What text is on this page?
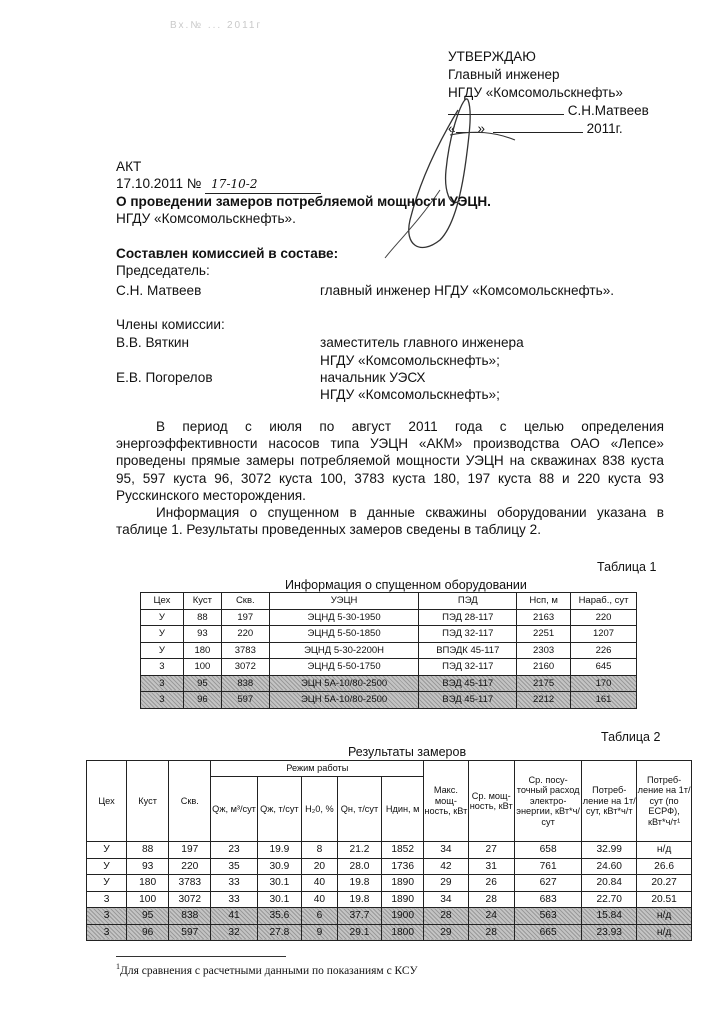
Вх.№ ... 2011г
УТВЕРЖДАЮ
Главный инженер
НГДУ «Комсомольскнефть»
С.Н.Матвеев
« »	2011г.
АКТ
17.10.2011 № 17-10-2
О проведении замеров потребляемой мощности УЭЦН.
НГДУ «Комсомольскнефть».
Составлен комиссией в составе:
Председатель:
С.Н. Матвеев	главный инженер НГДУ «Комсомольскнефть».
Члены комиссии:
В.В. Вяткин	заместитель главного инженера
НГДУ «Комсомольскнефть»;
Е.В. Погорелов	начальник УЭСХ
НГДУ «Комсомольскнефть»;

В период с июля по август 2011 года с целью определения энергоэффективности насосов типа УЭЦН «АКМ» производства ОАО «Лепсе» проведены прямые замеры потребляемой мощности УЭЦН на скважинах 838 куста 95, 597 куста 96, 3072 куста 100, 3783 куста 180, 197 куста 88 и 220 куста 93 Русскинского месторождения.

Информация о спущенном в данные скважины оборудовании указана в таблице 1. Результаты проведенных замеров сведены в таблицу 2.

Таблица 1
Информация о спущенном оборудовании
Цех	Куст	Скв.	УЭЦН	ПЭД	Hсп, м	Нараб., сут
У	88	197	ЭЦНД 5-30-1950	ПЭД 28-117	2163	220
У	93	220	ЭЦНД 5-50-1850	ПЭД 32-117	2251	1207
У	180	3783	ЭЦНД 5-30-2200Н	ВПЭДК 45-117	2303	226
3	100	3072	ЭЦНД 5-50-1750	ПЭД 32-117	2160	645
3	95	838	ЭЦН 5А-10/80-2500	ВЭД 45-117	2175	170
3	96	597	ЭЦН 5А-10/80-2500	ВЭД 45-117	2212	161
Таблица 2
Результаты замеров
Цех	Куст	Скв.	Режим работы					Макс. мощ-ность, кВт	Ср. мощ-ность, кВт	Ср. посу-точный расход электро-энергии, кВт*ч/сут	Потреб-ление на 1т/сут, кВт*ч/т	Потреб-ление на 1т/сут (по ЕСРФ), кВт*ч/т¹
			Qж, м³/сут	Qж, т/сут	H₂0, %	Qн, т/сут	Hдин, м					
У	88	197	23	19.9	8	21.2	1852	34	27	658	32.99	н/д
У	93	220	35	30.9	20	28.0	1736	42	31	761	24.60	26.6
У	180	3783	33	30.1	40	19.8	1890	29	26	627	20.84	20.27
3	100	3072	33	30.1	40	19.8	1890	34	28	683	22.70	20.51
3	95	838	41	35.6	6	37.7	1900	28	24	563	15.84	н/д
3	96	597	32	27.8	9	29.1	1800	29	28	665	23.93	н/д
$^1$Для сравнения с расчетными данными по показаниям с КСУ
